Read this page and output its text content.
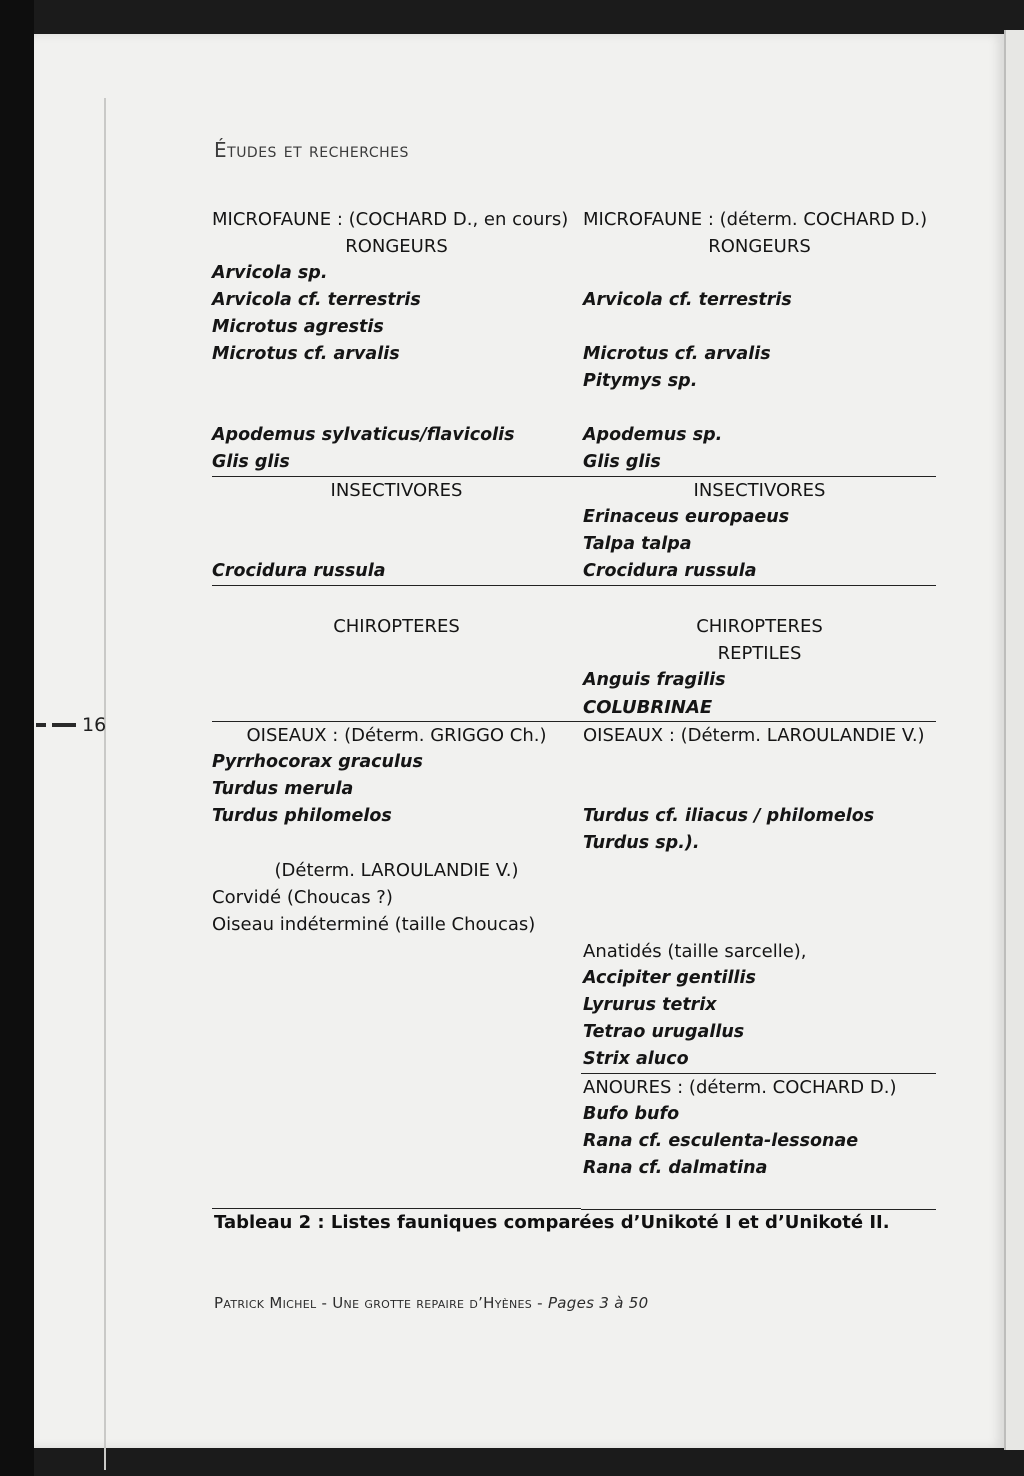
Études et recherches
16
MICROFAUNE : (COCHARD D., en cours)
RONGEURS
Arvicola sp.
Arvicola cf. terrestris
Microtus agrestis
Microtus cf. arvalis
Apodemus sylvaticus/flavicolis
Glis glis
INSECTIVORES
Crocidura russula
CHIROPTERES
OISEAUX : (Déterm. GRIGGO Ch.)
Pyrrhocorax graculus
Turdus merula
Turdus philomelos
(Déterm. LAROULANDIE V.)
Corvidé (Choucas ?)
Oiseau indéterminé (taille Choucas)
MICROFAUNE : (déterm. COCHARD D.)
RONGEURS
Arvicola cf. terrestris
Microtus cf. arvalis
Pitymys sp.
Apodemus sp.
Glis glis
INSECTIVORES
Erinaceus europaeus
Talpa talpa
Crocidura russula
CHIROPTERES
REPTILES
Anguis fragilis
COLUBRINAE
OISEAUX : (Déterm. LAROULANDIE V.)
Turdus cf. iliacus / philomelos
Turdus sp.).
Anatidés (taille sarcelle),
Accipiter gentillis
Lyrurus tetrix
Tetrao urugallus
Strix aluco
ANOURES : (déterm. COCHARD D.)
Bufo bufo
Rana cf. esculenta-lessonae
Rana cf. dalmatina
Tableau 2 : Listes fauniques comparées d’Unikoté I et d’Unikoté II.
Patrick Michel - Une grotte repaire d’Hyènes - Pages 3 à 50
